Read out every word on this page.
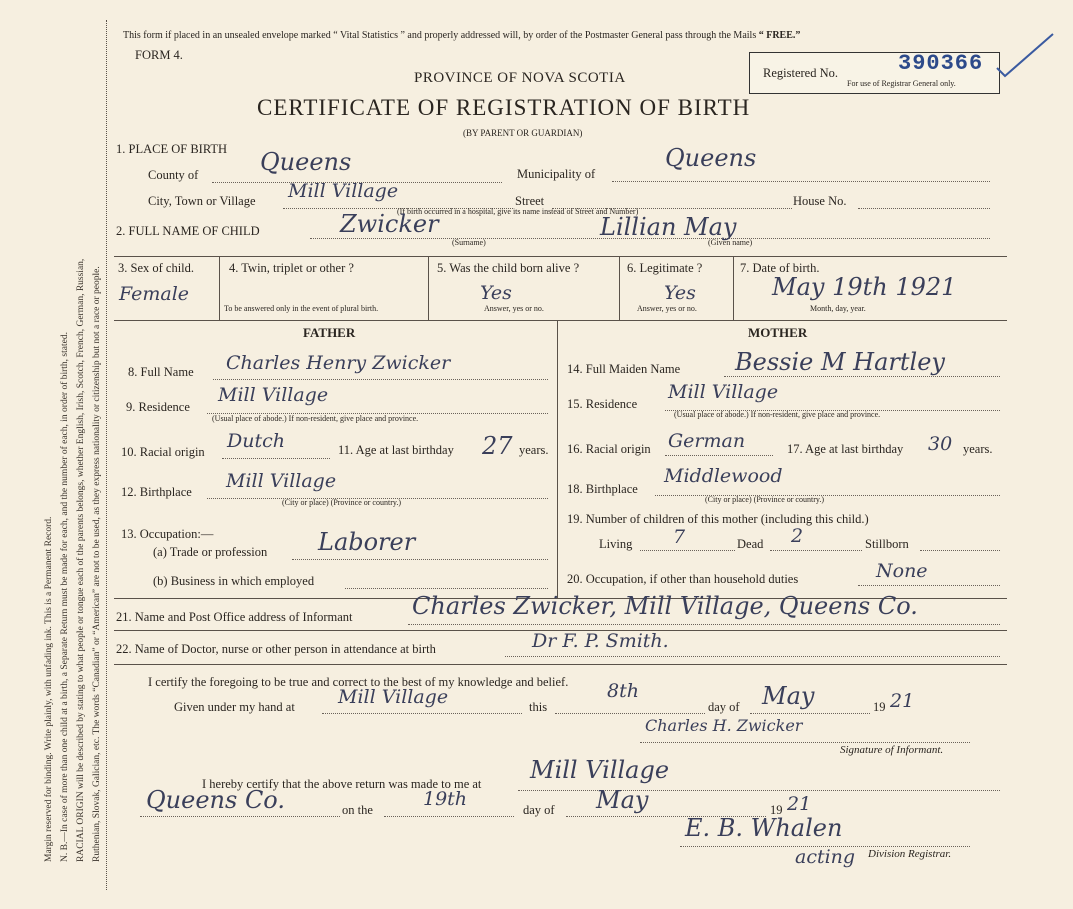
Margin reserved for binding. Write plainly, with unfading ink. This is a Permanent Record. N. B.—In case of more than one child at a birth, a Separate Return must be made for each, and the number of each, in order of birth, stated. RACIAL ORIGIN will be described by stating to what people or tongue each of the parents belongs, whether English, Irish, Scotch, French, German, Russian, Ruthenian, Slovak, Galician, etc. The words “Canadian” or “American” are not to be used, as they express nationality or citizenship but not a race or people.
This form if placed in an unsealed envelope marked “ Vital Statistics ” and properly addressed will, by order of the Postmaster General pass through the Mails “ FREE.”
FORM 4.
Registered No.	390366
For use of Registrar General only.
PROVINCE OF NOVA SCOTIA
CERTIFICATE OF REGISTRATION OF BIRTH
(BY PARENT OR GUARDIAN)
1. PLACE OF BIRTH
County of	Queens	Municipality of
Queens
City, Town or Village Mill Village	Street	House No.
(If birth occurred in a hospital, give its name instead of Street and Number)
2. FULL NAME OF CHILD	Zwicker	Lillian May
(Surname)	(Given name)
3. Sex of child.
Female
4. Twin, triplet or other ?
To be answered only in the event of plural birth.
5. Was the child born alive ?
Yes
Answer, yes or no.
6. Legitimate ?
Yes
Answer, yes or no.
7. Date of birth.
May 19th 1921
Month, day, year.
FATHER	MOTHER
8. Full Name Charles Henry Zwicker
9. Residence
Mill Village
(Usual place of abode.) If non-resident, give place and province.
10. Racial origin Dutch	11. Age at last birthday 27 years.
12. Birthplace Mill Village
(City or place) (Province or country.)
13. Occupation:—
(a) Trade or profession Laborer
(b) Business in which employed
14. Full Maiden Name Bessie M Hartley
15. Residence
Mill Village
(Usual place of abode.) If non-resident, give place and province.
16. Racial origin German	17. Age at last birthday 30 years.
18. Birthplace
Middlewood
(City or place) (Province or country.)
19. Number of children of this mother (including this child.)
Living 7	Dead 2	Stillborn
20. Occupation, if other than household duties	None
21. Name and Post Office address of Informant Charles Zwicker, Mill Village, Queens Co.
22. Name of Doctor, nurse or other person in attendance at birth	Dr F. P. Smith.
I certify the foregoing to be true and correct to the best of my knowledge and belief.
Given under my hand at Mill Village	this
8th
day of May	19 21
Charles H. Zwicker
Signature of Informant.
I hereby certify that the above return was made to me at Mill Village
Queens Co.	on the	19th	day of May	19 21
E. B. Whalen
acting Division Registrar.
